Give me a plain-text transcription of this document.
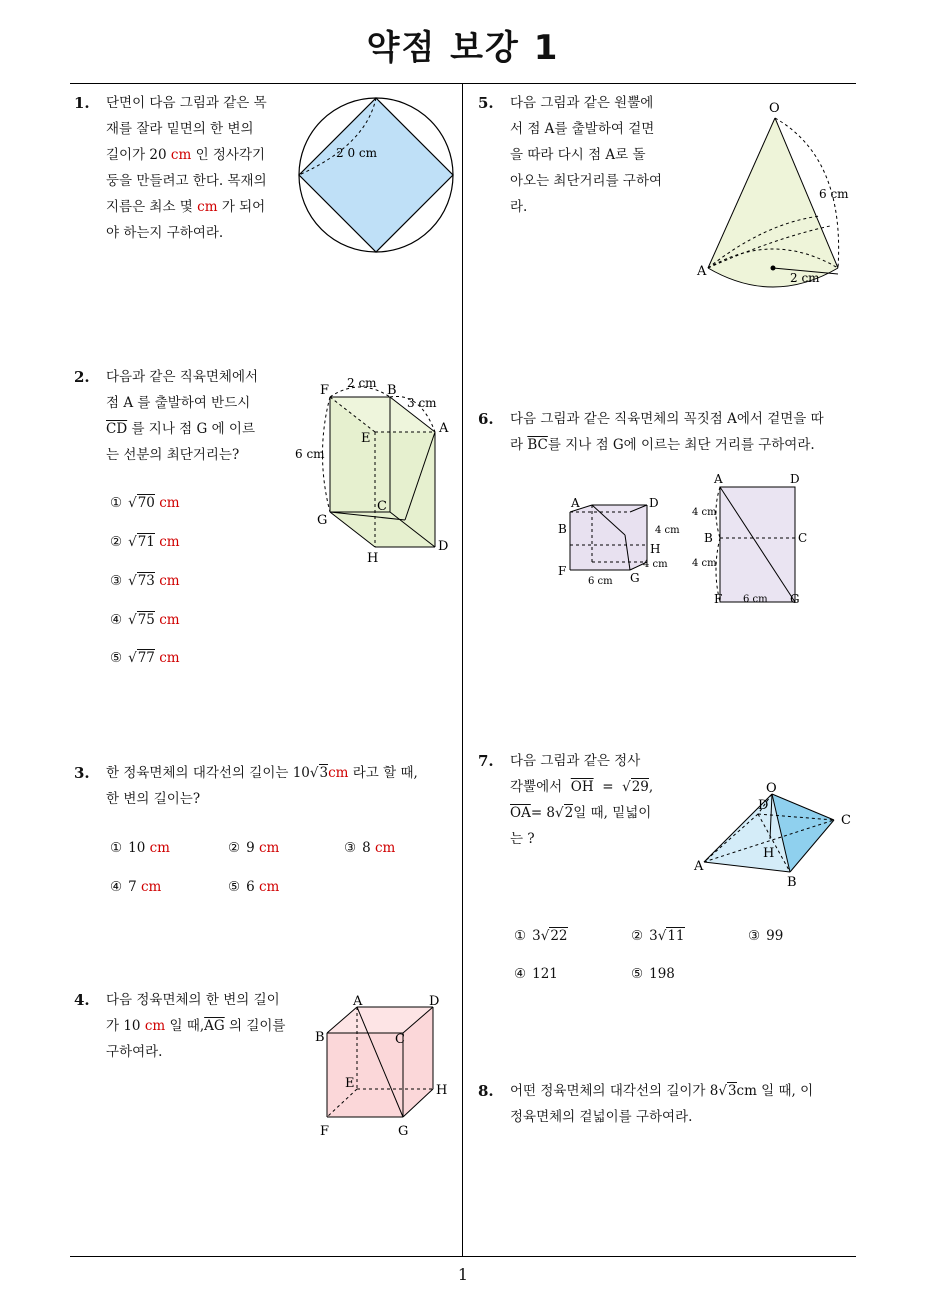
약점 보강 1
1
1. 단면이 다음 그림과 같은 목
재를 잘라 밑면의 한 변의
길이가 20 cm 인 정사각기
둥을 만들려고 한다. 목재의
지름은 최소 몇 cm 가 되어
야 하는지 구하여라.
2 0 cm
2. 다음과 같은 직육면체에서
점 A 를 출발하여 반드시
$\overline{CD}$ 를 지나 점 G 에 이르
는 선분의 최단거리는?
① √70 cm
② √71 cm
③ √73 cm
④ √75 cm
⑤ √77 cm
F	B
A
E
C
G
H
D
2 cm
3 cm
6 cm
3. 한 정육면체의 대각선의 길이는 10√3cm 라고 할 때,
한 변의 길이는?
① 10 cm	② 9 cm	③ 8 cm
④ 7 cm	⑤ 6 cm
4. 다음 정육면체의 한 변의 길이
가 10 cm 일 때$,\overline{AG}$ 의 길이를
구하여라.
A	D
B	C
E	H
F	G
5. 다음 그림과 같은 원뿔에
서 점 A를 출발하여 겉면
을 따라 다시 점 A로 돌
아오는 최단거리를 구하여
라.
O
A
6 cm
2 cm
6. 다음 그림과 같은 직육면체의 꼭짓점 A에서 겉면을 따
라 $\overline{BC}$를 지나 점 G에 이르는 최단 거리를 구하여라.
A	D
B
H
F	G
4 cm
4 cm
6 cm
A	D
B	C
F	G
4 cm
4 cm
6 cm
7. 다음 그림과 같은 정사
각뿔에서 $\overline{OH} = √29$,
$\overline{OA}= 8√2$일 때, 밑넓이
는 ?
O
D
C
H
A
B
① 3√22	② 3√11	③ 99
④ 121	⑤ 198
8. 어떤 정육면체의 대각선의 길이가 8√3cm 일 때, 이
정육면체의 겉넓이를 구하여라.
